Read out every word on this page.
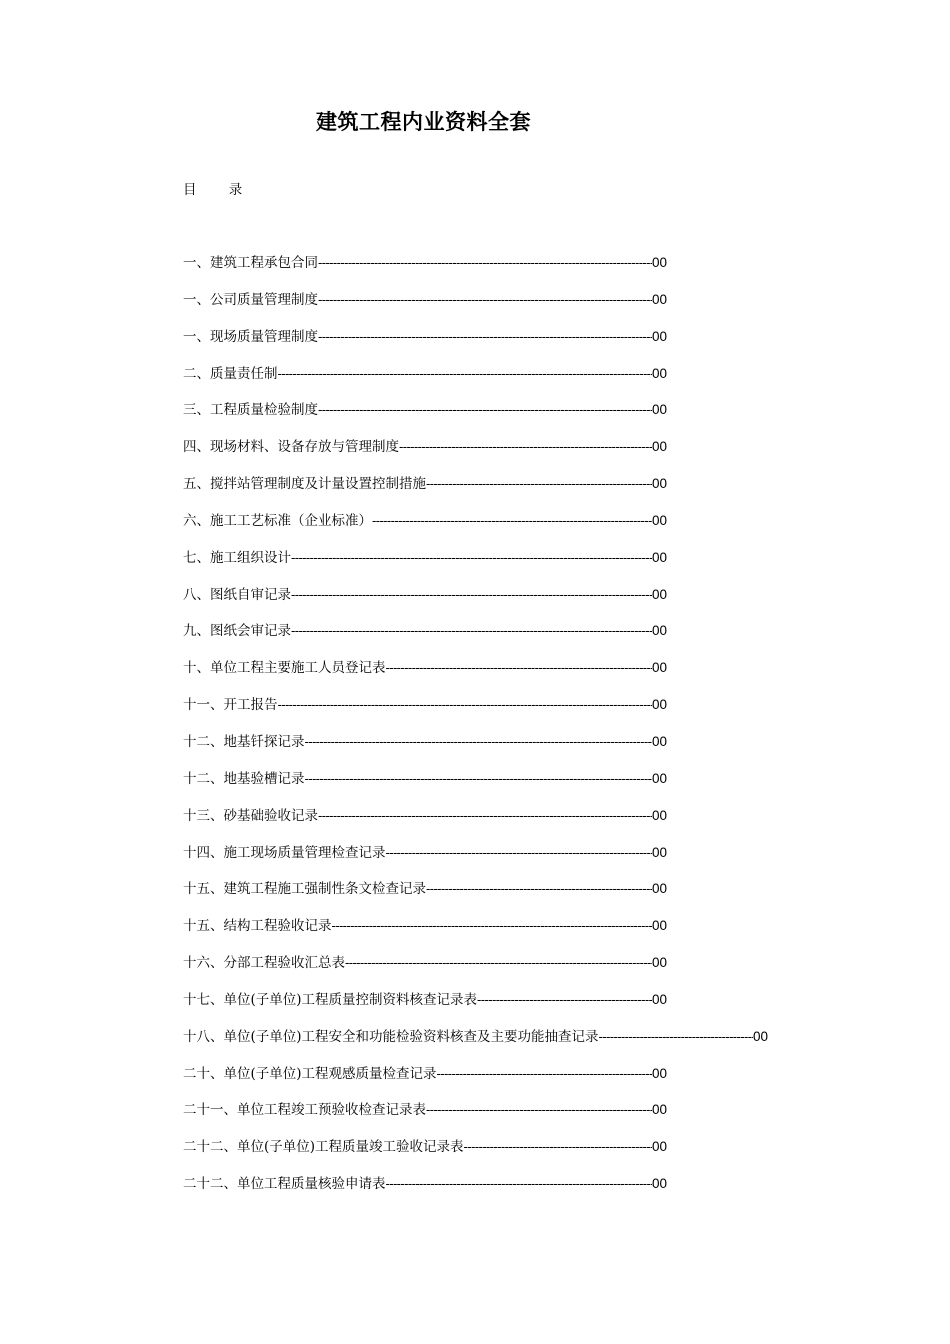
建筑工程内业资料全套
目 录
一、建筑工程承包合同 -----	00
一、公司质量管理制度 -----	00
一、现场质量管理制度 -----	00
二、质量责任制 -----	00
三、工程质量检验制度 -----	00
四、现场材料、设备存放与管理制度 -----	00
五、搅拌站管理制度及计量设置控制措施 -----	00
六、施工工艺标准（企业标准） -----	00
七、施工组织设计 -----	00
八、图纸自审记录 -----	00
九、图纸会审记录 -----	00
十、单位工程主要施工人员登记表 -----	00
十一、开工报告 -----	00
十二、地基钎探记录 -----	00
十二、地基验槽记录 -----	00
十三、砂基础验收记录 -----	00
十四、施工现场质量管理检查记录 -----	00
十五、建筑工程施工强制性条文检查记录 -----	00
十五、结构工程验收记录 -----	00
十六、分部工程验收汇总表 -----	00
十七、单位(子单位)工程质量控制资料核查记录表 -----	00
十八、单位(子单位)工程安全和功能检验资料核查及主要功能抽查记录 -----	00
二十、单位(子单位)工程观感质量检查记录 -----	00
二十一、单位工程竣工预验收检查记录表 -----	00
二十二、单位(子单位)工程质量竣工验收记录表 -----	00
二十二、单位工程质量核验申请表 -----	00
